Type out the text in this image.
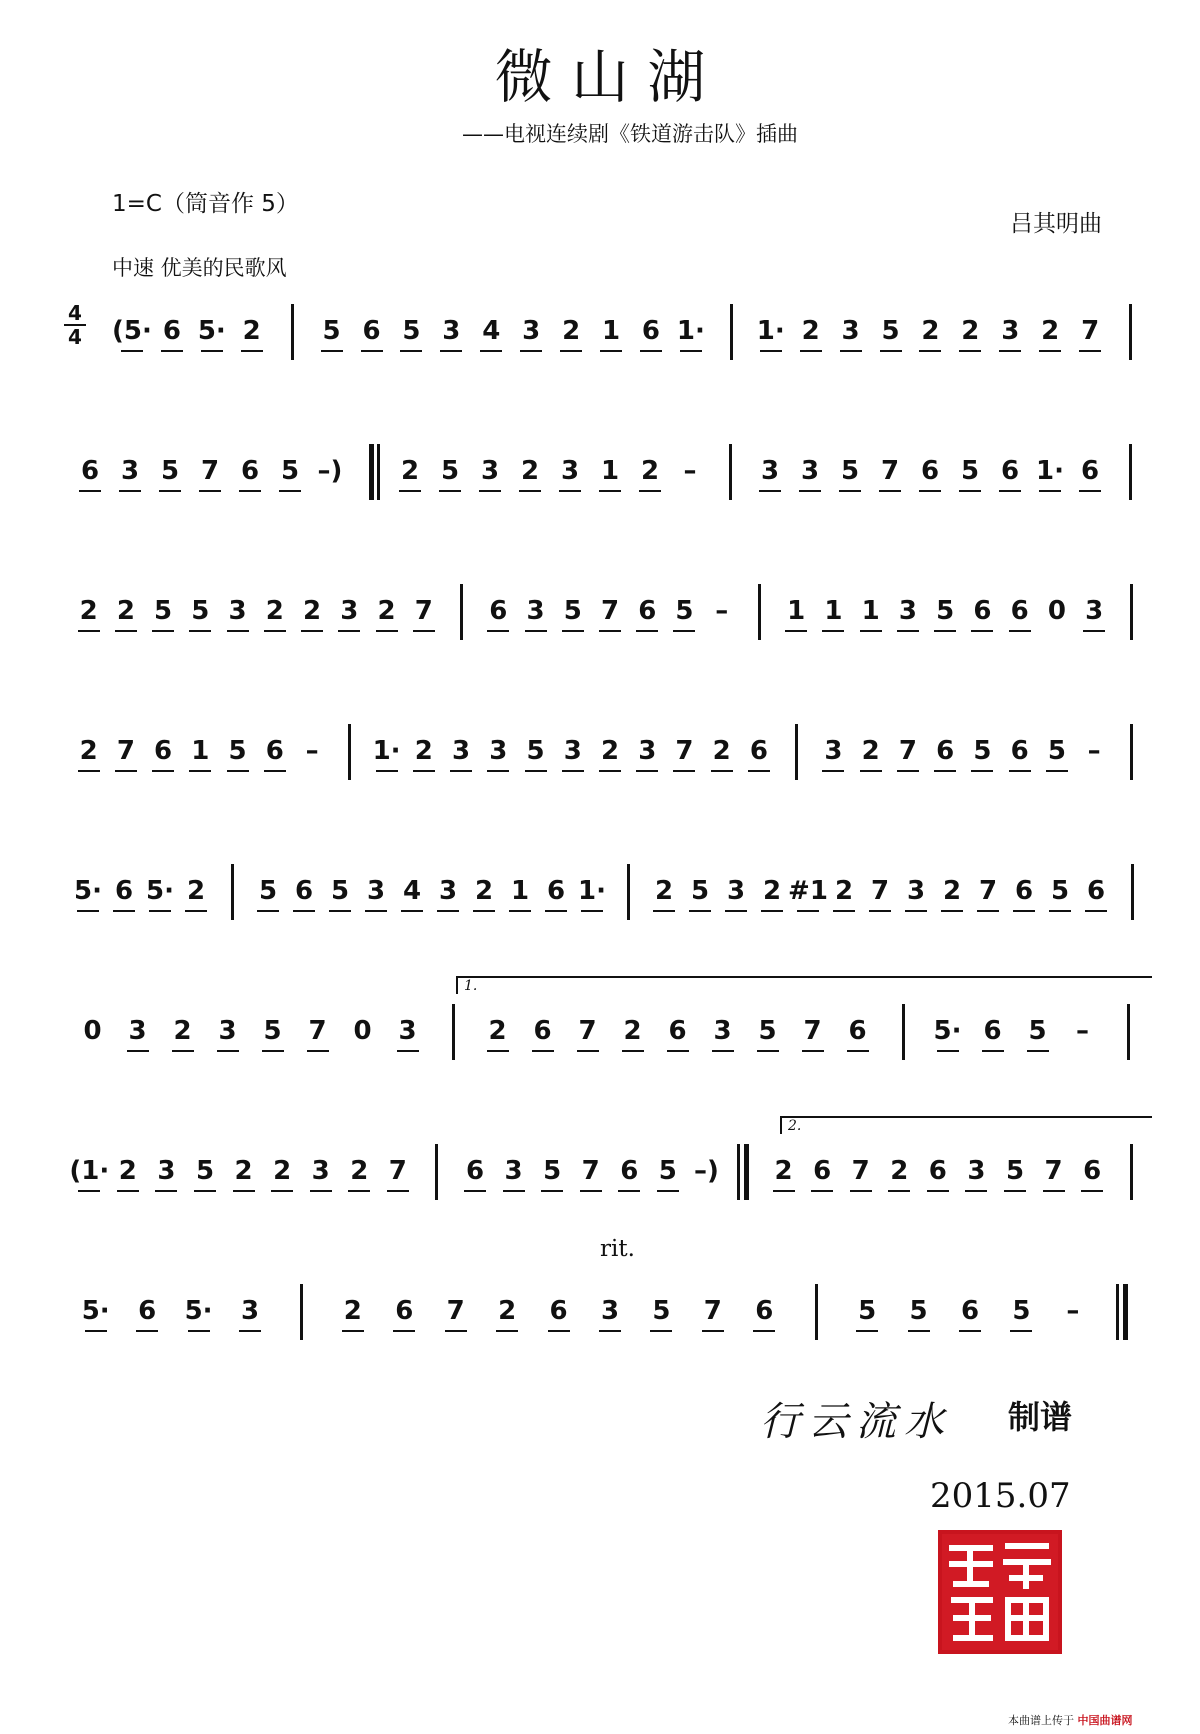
微 山 湖
——电视连续剧《铁道游击队》插曲
1=C（筒音作 5）
吕其明曲
中速 优美的民歌风
4
4 (5· 6 5· 2 5 6 5 3 4 3 2 1 6 1· 1· 2 3 5 2 2 3 2 7
6 3 5 7 6 5 –) 2 5 3 2 3 1 2 – 3 3 5 7 6 5 6 1· 6
2 2 5 5 3 2 2 3 2 7 6 3 5 7 6 5 – 1 1 1 3 5 6 6 0 3
2 7 6 1 5 6 – 1· 2 3 3 5 3 2 3 7 2 6 3 2 7 6 5 6 5 –
5· 6 5· 2 5 6 5 3 4 3 2 1 6 1· 2 5 3 2 #1 2 7 3 2 7 6 5 6
0 3 2 3 5 7 0 3	2 6 7 2 6 3 5 7 6	5· 6 5 –
(1· 2 3 5 2 2 3 2 7 6 3 5 7 6 5 –) 2 6 7 2 6 3 5 7 6
5· 6 5· 3	2 6 7 2 6 3 5 7 6	5 5 6 5 –
rit.
行云流水 制谱
2015.07
本曲谱上传于 中国曲谱网
1.
2.
